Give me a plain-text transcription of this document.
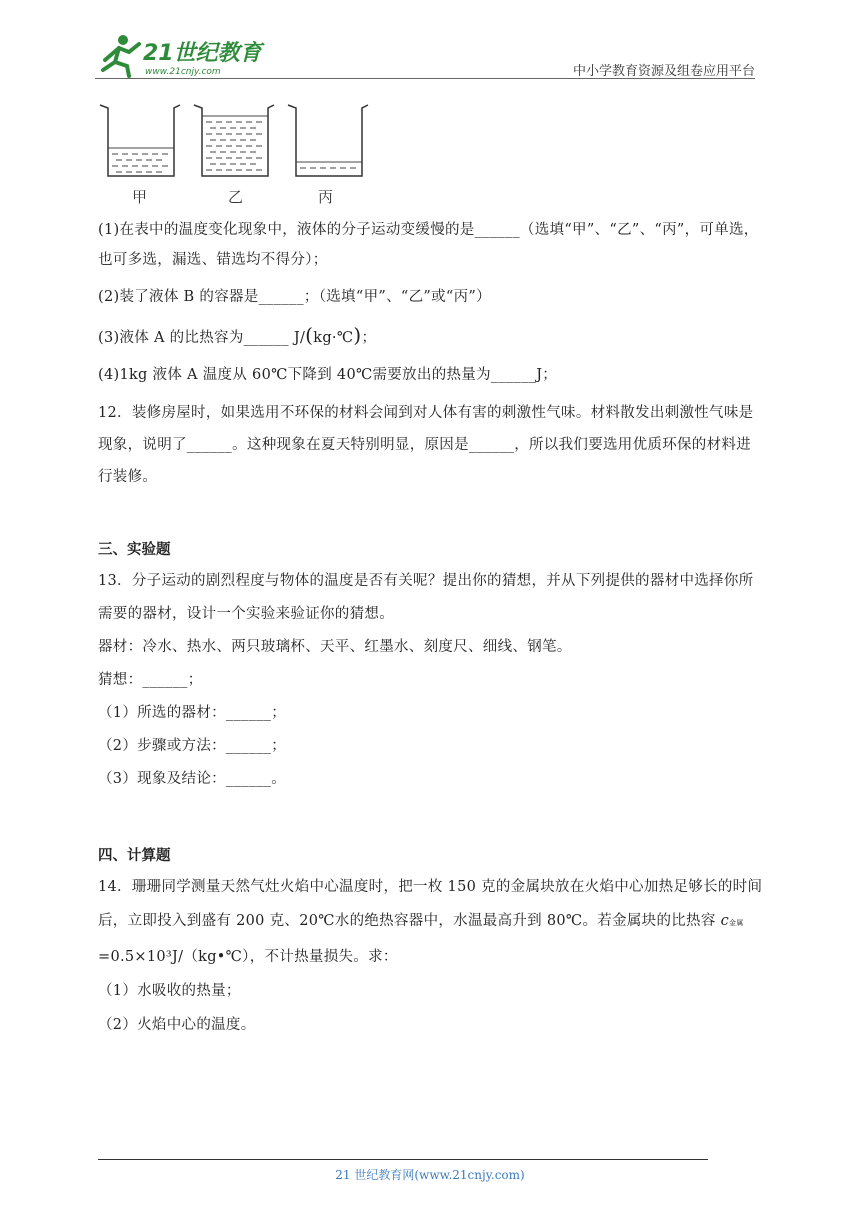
21世纪教育
www.21cnjy.com	中小学教育资源及组卷应用平台
甲	乙	丙
(1)在表中的温度变化现象中，液体的分子运动变缓慢的是______（选填“甲”、“乙”、“丙”，可单选，
也可多选，漏选、错选均不得分）；
(2)装了液体 B 的容器是______；（选填“甲”、“乙”或“丙”）
(3)液体 A 的比热容为______ J/(kg·℃)；
(4)1kg 液体 A 温度从 60℃下降到 40℃需要放出的热量为______J；
12．装修房屋时，如果选用不环保的材料会闻到对人体有害的刺激性气味。材料散发出刺激性气味是
现象，说明了______。这种现象在夏天特别明显，原因是______，所以我们要选用优质环保的材料进
行装修。
三、实验题
13．分子运动的剧烈程度与物体的温度是否有关呢？提出你的猜想，并从下列提供的器材中选择你所
需要的器材，设计一个实验来验证你的猜想。
器材：冷水、热水、两只玻璃杯、天平、红墨水、刻度尺、细线、钢笔。
猜想：______；
（1）所选的器材：______；
（2）步骤或方法：______；
（3）现象及结论：______。
四、计算题
14．珊珊同学测量天然气灶火焰中心温度时，把一枚 150 克的金属块放在火焰中心加热足够长的时间
后，立即投入到盛有 200 克、20℃水的绝热容器中，水温最高升到 80℃。若金属块的比热容 c金属
=0.5×10³J/（kg•℃），不计热量损失。求：
（1）水吸收的热量；
（2）火焰中心的温度。
21 世纪教育网(www.21cnjy.com)
